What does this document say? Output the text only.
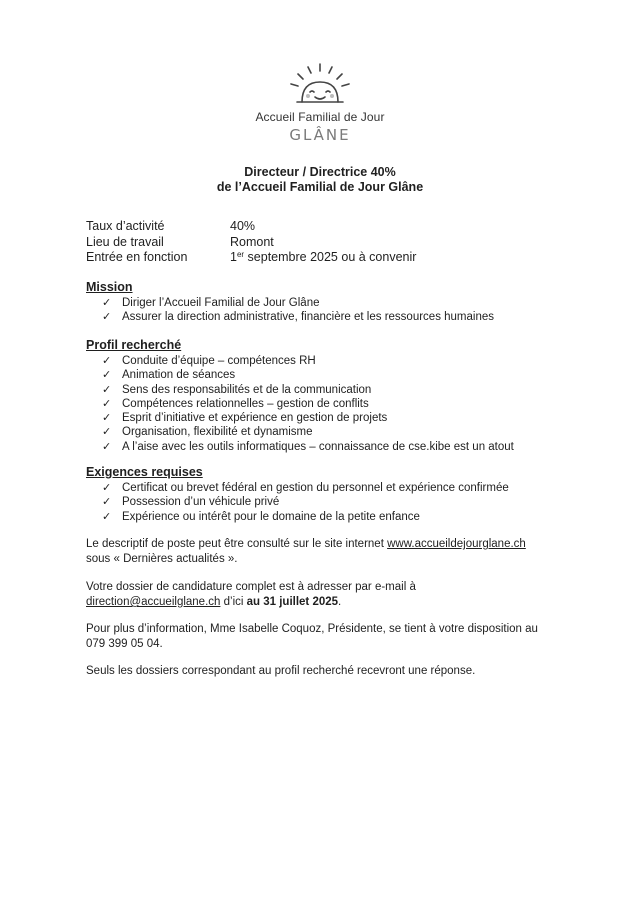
Accueil Familial de Jour
GLÂNE
Directeur / Directrice 40%
de l’Accueil Familial de Jour Glâne
Taux d’activité	40%
Lieu de travail	Romont
Entrée en fonction	1er septembre 2025 ou à convenir
Mission
✓ Diriger l’Accueil Familial de Jour Glâne
✓ Assurer la direction administrative, financière et les ressources humaines
Profil recherché
✓ Conduite d’équipe – compétences RH
✓ Animation de séances
✓ Sens des responsabilités et de la communication
✓ Compétences relationnelles – gestion de conflits
✓ Esprit d’initiative et expérience en gestion de projets
✓ Organisation, flexibilité et dynamisme
✓ A l’aise avec les outils informatiques – connaissance de cse.kibe est un atout
Exigences requises
✓ Certificat ou brevet fédéral en gestion du personnel et expérience confirmée
✓ Possession d’un véhicule privé
✓ Expérience ou intérêt pour le domaine de la petite enfance
Le descriptif de poste peut être consulté sur le site internet www.accueildejourglane.ch sous « Dernières actualités ».
Votre dossier de candidature complet est à adresser par e-mail à direction@accueilglane.ch d’ici au 31 juillet 2025.
Pour plus d’information, Mme Isabelle Coquoz, Présidente, se tient à votre disposition au 079 399 05 04.
Seuls les dossiers correspondant au profil recherché recevront une réponse.
